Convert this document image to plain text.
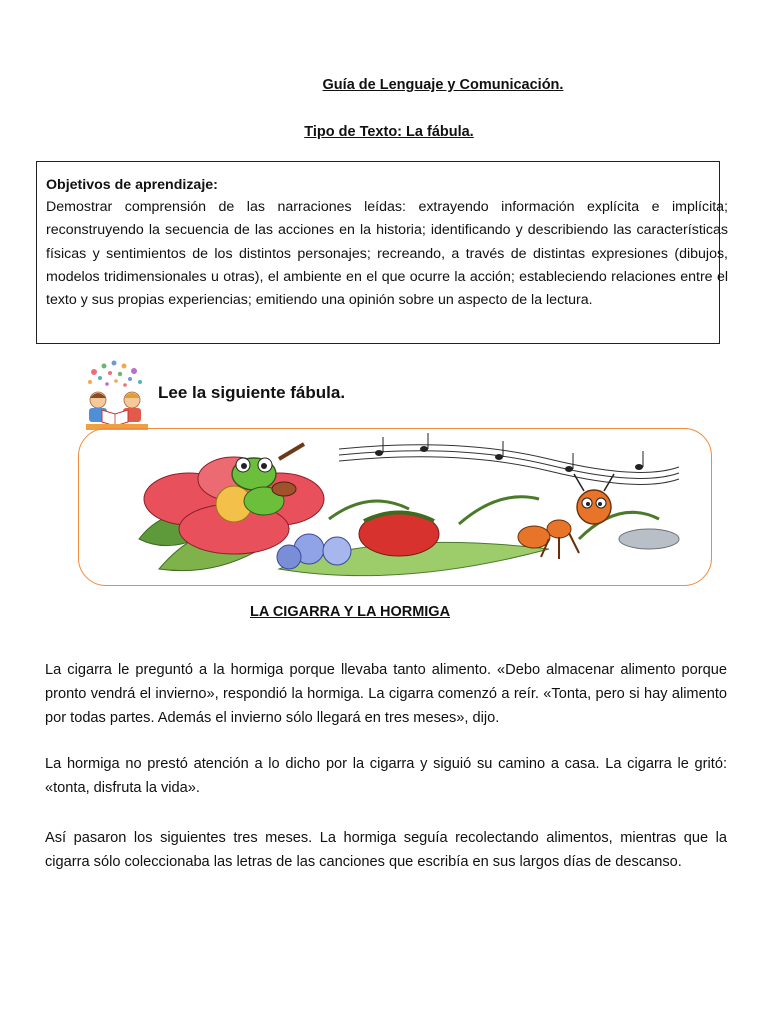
Guía de Lenguaje y Comunicación.
Tipo de Texto: La fábula.
Objetivos de aprendizaje:
Demostrar comprensión de las narraciones leídas: extrayendo información explícita e implícita; reconstruyendo la secuencia de las acciones en la historia; identificando y describiendo las características físicas y sentimientos de los distintos personajes; recreando, a través de distintas expresiones (dibujos, modelos tridimensionales u otras), el ambiente en el que ocurre la acción; estableciendo relaciones entre el texto y sus propias experiencias; emitiendo una opinión sobre un aspecto de la lectura.
Lee la siguiente fábula.
LA CIGARRA Y LA HORMIGA
La cigarra le preguntó a la hormiga porque llevaba tanto alimento. «Debo almacenar alimento porque pronto vendrá el invierno», respondió la hormiga. La cigarra comenzó a reír. «Tonta, pero si hay alimento por todas partes. Además el invierno sólo llegará en tres meses», dijo.
La hormiga no prestó atención a lo dicho por la cigarra y siguió su camino a casa. La cigarra le gritó: «tonta, disfruta la vida».
Así pasaron los siguientes tres meses. La hormiga seguía recolectando alimentos, mientras que la cigarra sólo coleccionaba las letras de las canciones que escribía en sus largos días de descanso.
